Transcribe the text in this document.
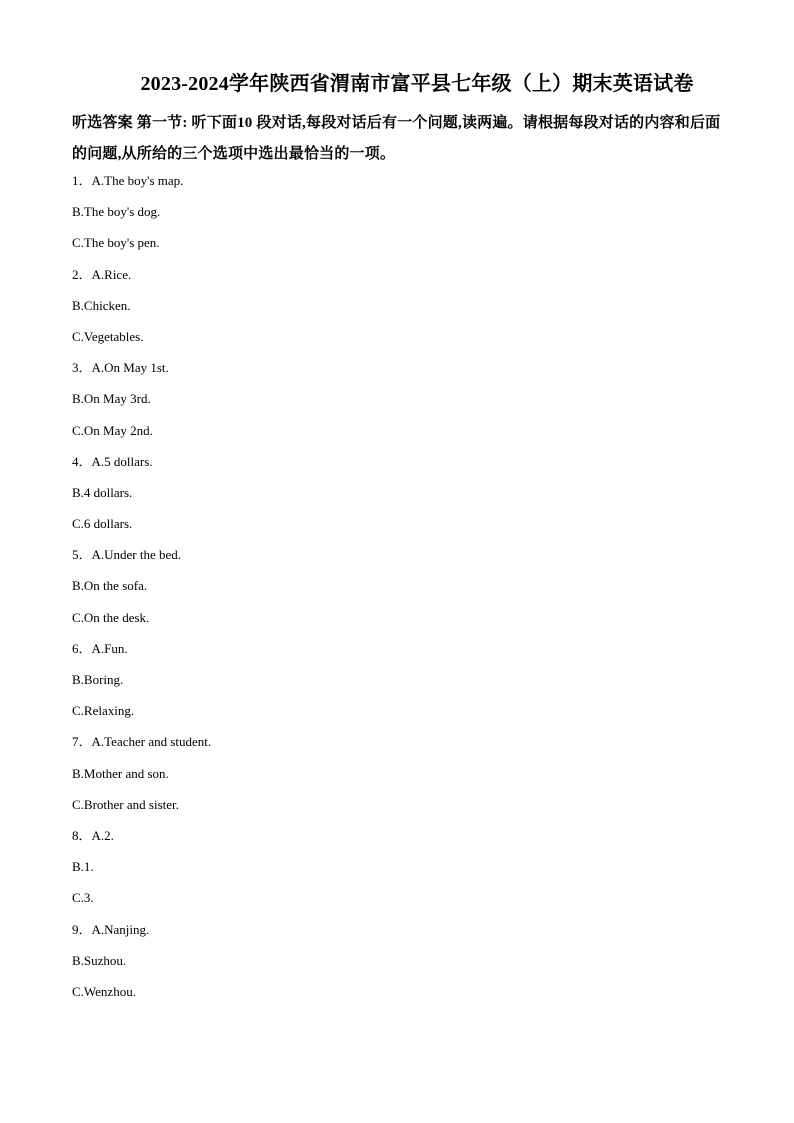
2023-2024学年陕西省渭南市富平县七年级（上）期末英语试卷
听选答案 第一节: 听下面10 段对话,每段对话后有一个问题,读两遍。请根据每段对话的内容和后面的问题,从所给的三个选项中选出最恰当的一项。
1．A.The boy's map.
B.The boy's dog.
C.The boy's pen.
2．A.Rice.
B.Chicken.
C.Vegetables.
3．A.On May 1st.
B.On May 3rd.
C.On May 2nd.
4．A.5 dollars.
B.4 dollars.
C.6 dollars.
5．A.Under the bed.
B.On the sofa.
C.On the desk.
6．A.Fun.
B.Boring.
C.Relaxing.
7．A.Teacher and student.
B.Mother and son.
C.Brother and sister.
8．A.2.
B.1.
C.3.
9．A.Nanjing.
B.Suzhou.
C.Wenzhou.
